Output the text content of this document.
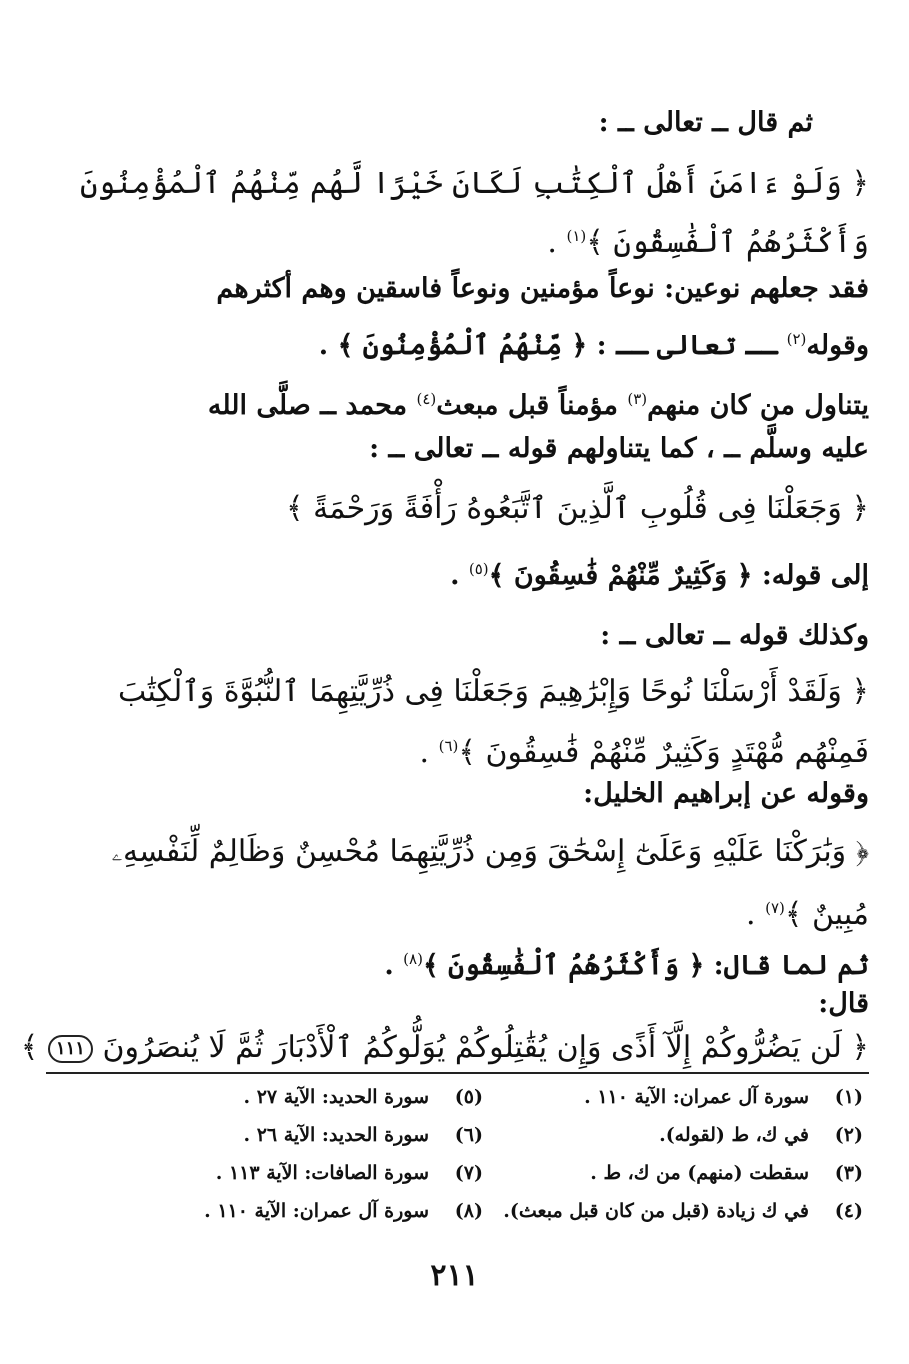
ثم قال ــ تعالى ــ :
﴿ وَلَوْ ءَامَنَ أَهْلُ ٱلْكِتَٰبِ لَكَانَ خَيْرًا لَّهُم مِّنْهُمُ ٱلْمُؤْمِنُونَ
وَأَكْثَرُهُمُ ٱلْفَٰسِقُونَ ﴾$^{(١)}$ .
فقد جعلهم نوعين: نوعاً مؤمنين ونوعاً فاسقين وهم أكثرهم
وقوله$^{(٢)}$ ــ تعالى ــ : ﴿ مِّنْهُمُ ٱلْمُؤْمِنُونَ ﴾ .
يتناول من كان منهم$^{(٣)}$ مؤمناً قبل مبعث$^{(٤)}$ محمد ــ صلَّى الله
عليه وسلَّم ــ ، كما يتناولهم قوله ــ تعالى ــ :
﴿ وَجَعَلْنَا فِى قُلُوبِ ٱلَّذِينَ ٱتَّبَعُوهُ رَأْفَةً وَرَحْمَةً ﴾
إلى قوله: ﴿ وَكَثِيرٌ مِّنْهُمْ فَٰسِقُونَ ﴾$^{(٥)}$ .
وكذلك قوله ــ تعالى ــ :
﴿ وَلَقَدْ أَرْسَلْنَا نُوحًا وَإِبْرَٰهِيمَ وَجَعَلْنَا فِى ذُرِّيَّتِهِمَا ٱلنُّبُوَّةَ وَٱلْكِتَٰبَ
فَمِنْهُم مُّهْتَدٍ وَكَثِيرٌ مِّنْهُمْ فَٰسِقُونَ ﴾$^{(٦)}$ .
وقوله عن إبراهيم الخليل:
﴿ وَبَٰرَكْنَا عَلَيْهِ وَعَلَىٰٓ إِسْحَٰقَ وَمِن ذُرِّيَّتِهِمَا مُحْسِنٌ وَظَالِمٌ لِّنَفْسِهِۦ
مُبِينٌ ﴾$^{(٧)}$ .
ثم لما قال: ﴿ وَأَكْثَرُهُمُ ٱلْفَٰسِقُونَ ﴾$^{(٨)}$ .
قال:
﴿ لَن يَضُرُّوكُمْ إِلَّآ أَذًى وَإِن يُقَٰتِلُوكُمْ يُوَلُّوكُمُ ٱلْأَدْبَارَ ثُمَّ لَا يُنصَرُونَ ١١١ ﴾
(١)سورة آل عمران: الآية ١١٠ .
(٢)في ك، ط (لقوله).
(٣)سقطت (منهم) من ك، ط .
(٤)في ك زيادة (قبل من كان قبل مبعث).
(٥)سورة الحديد: الآية ٢٧ .
(٦)سورة الحديد: الآية ٢٦ .
(٧)سورة الصافات: الآية ١١٣ .
(٨)سورة آل عمران: الآية ١١٠ .
٢١١
